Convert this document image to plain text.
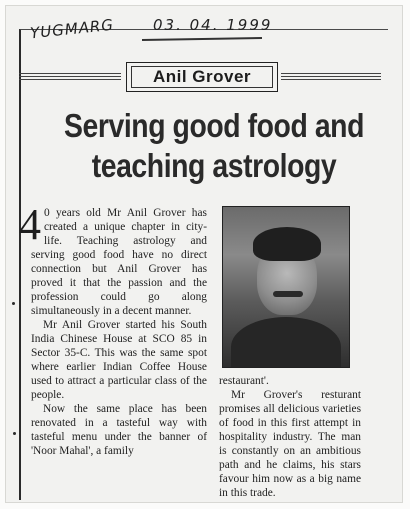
YUGMARG	03. 04. 1999
Anil Grover
Serving good food and
teaching astrology

4 0 years old Mr Anil Grover has created a unique chapter in city-life. Teaching astrology and serving good food have no direct connection but Anil Grover has proved it that the passion and the profession could go along simultaneously in a decent manner.

Mr Anil Grover started his South India Chinese House at SCO 85 in Sector 35-C. This was the same spot where earlier Indian Coffee House used to attract a particular class of the people.

Now the same place has been renovated in a tasteful way with tasteful menu under the banner of 'Noor Mahal', a family

restaurant'.

Mr Grover's resturant promises all delicious varieties of food in this first attempt in hospitality industry. The man is constantly on an ambitious path and he claims, his stars favour him now as a big name in this trade.
